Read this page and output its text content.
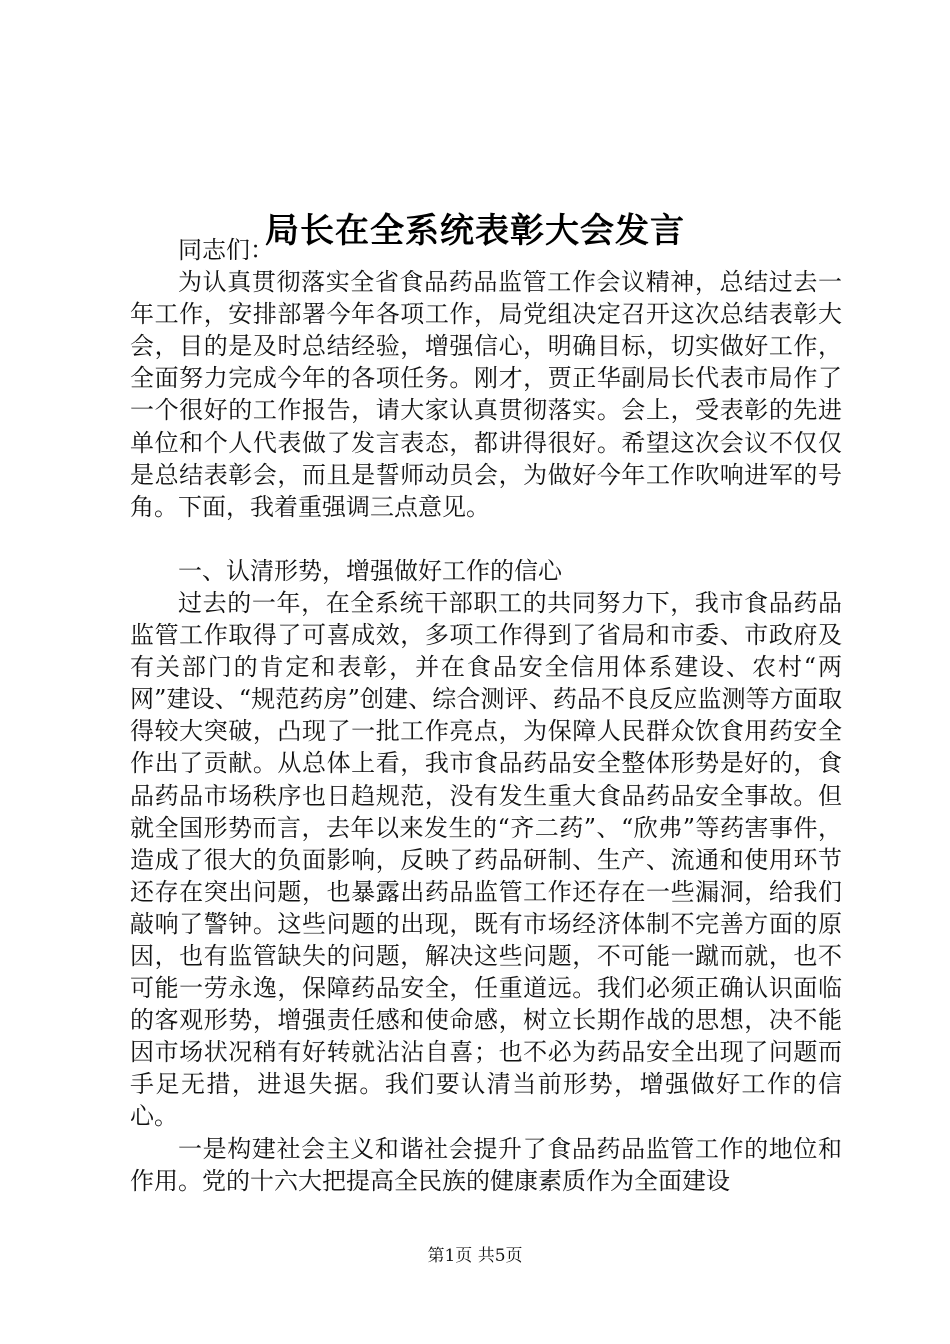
局长在全系统表彰大会发言

同志们：

为认真贯彻落实全省食品药品监管工作会议精神，总结过去一年工作，安排部署今年各项工作，局党组决定召开这次总结表彰大会，目的是及时总结经验，增强信心，明确目标，切实做好工作，全面努力完成今年的各项任务。刚才，贾正华副局长代表市局作了一个很好的工作报告，请大家认真贯彻落实。会上，受表彰的先进单位和个人代表做了发言表态，都讲得很好。希望这次会议不仅仅是总结表彰会，而且是誓师动员会，为做好今年工作吹响进军的号角。下面，我着重强调三点意见。

一、认清形势，增强做好工作的信心

过去的一年，在全系统干部职工的共同努力下，我市食品药品监管工作取得了可喜成效，多项工作得到了省局和市委、市政府及有关部门的肯定和表彰，并在食品安全信用体系建设、农村“两网”建设、“规范药房”创建、综合测评、药品不良反应监测等方面取得较大突破，凸现了一批工作亮点，为保障人民群众饮食用药安全作出了贡献。从总体上看，我市食品药品安全整体形势是好的，食品药品市场秩序也日趋规范，没有发生重大食品药品安全事故。但就全国形势而言，去年以来发生的“齐二药”、“欣弗”等药害事件，造成了很大的负面影响，反映了药品研制、生产、流通和使用环节还存在突出问题，也暴露出药品监管工作还存在一些漏洞，给我们敲响了警钟。这些问题的出现，既有市场经济体制不完善方面的原因，也有监管缺失的问题，解决这些问题，不可能一蹴而就，也不可能一劳永逸，保障药品安全，任重道远。我们必须正确认识面临的客观形势，增强责任感和使命感，树立长期作战的思想，决不能因市场状况稍有好转就沾沾自喜；也不必为药品安全出现了问题而手足无措，进退失据。我们要认清当前形势，增强做好工作的信心。

一是构建社会主义和谐社会提升了食品药品监管工作的地位和作用。党的十六大把提高全民族的健康素质作为全面建设

第1页 共5页
